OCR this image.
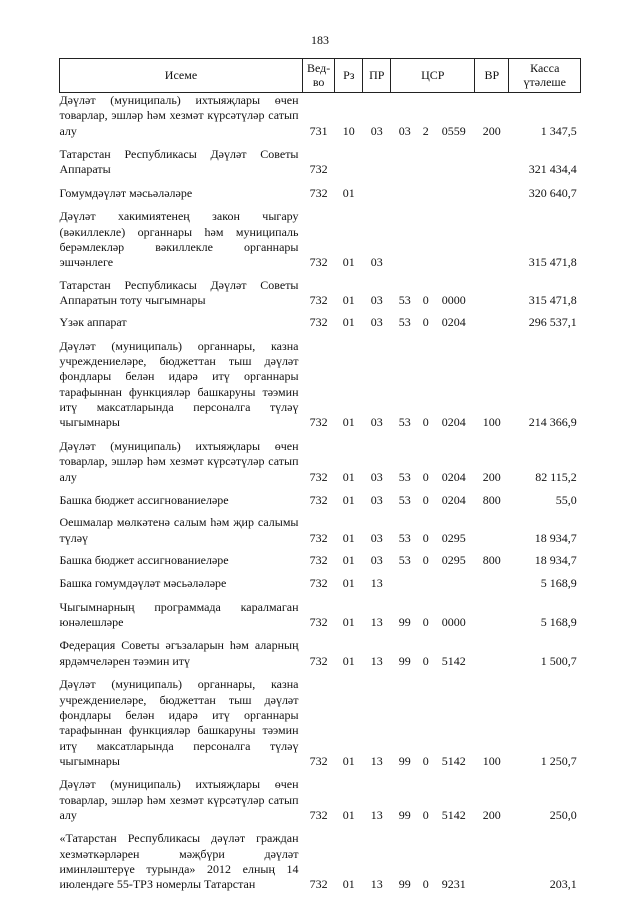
183
Исеме	Вед-во	Рз	ПР	ЦСР			ВР	Касса үтәлеше
Дәүләт (муниципаль) ихтыяҗлары өчен товарлар, эшләр һәм хезмәт күрсәтүләр сатып алу	731	10	03	03	2	0559	200	1 347,5
Татарстан Республикасы Дәүләт Советы Аппараты	732							321 434,4
Гомумдәүләт мәсьәләләре	732	01						320 640,7
Дәүләт хакимиятенең закон чыгару (вәкиллекле) органнары һәм муниципаль берәмлекләр вәкиллекле органнары эшчәнлеге	732	01	03					315 471,8
Татарстан Республикасы Дәүләт Советы Аппаратын тоту чыгымнары	732	01	03	53	0	0000		315 471,8
Үзәк аппарат	732	01	03	53	0	0204		296 537,1
Дәүләт (муниципаль) органнары, казна учреждениеләре, бюджеттан тыш дәүләт фондлары белән идарә итү органнары тарафыннан функцияләр башкаруны тәэмин итү максатларында персоналга түләү чыгымнары	732	01	03	53	0	0204	100	214 366,9
Дәүләт (муниципаль) ихтыяҗлары өчен товарлар, эшләр һәм хезмәт күрсәтүләр сатып алу	732	01	03	53	0	0204	200	82 115,2
Башка бюджет ассигнованиеләре	732	01	03	53	0	0204	800	55,0
Оешмалар мөлкәтенә салым һәм җир салымы түләү	732	01	03	53	0	0295		18 934,7
Башка бюджет ассигнованиеләре	732	01	03	53	0	0295	800	18 934,7
Башка гомумдәүләт мәсьәләләре	732	01	13					5 168,9
Чыгымнарның программада каралмаган юнәлешләре	732	01	13	99	0	0000		5 168,9
Федерация Советы әгъзаларын һәм аларның ярдәмчеләрен тәэмин итү	732	01	13	99	0	5142		1 500,7
Дәүләт (муниципаль) органнары, казна учреждениеләре, бюджеттан тыш дәүләт фондлары белән идарә итү органнары тарафыннан функцияләр башкаруны тәэмин итү максатларында персоналга түләү чыгымнары	732	01	13	99	0	5142	100	1 250,7
Дәүләт (муниципаль) ихтыяҗлары өчен товарлар, эшләр һәм хезмәт күрсәтүләр сатып алу	732	01	13	99	0	5142	200	250,0
«Татарстан Республикасы дәүләт граждан хезмәткәрләрен мәҗбүри дәүләт иминләштерүе турында» 2012 елның 14 июлендәге 55-ТРЗ номерлы Татарстан	732	01	13	99	0	9231		203,1
